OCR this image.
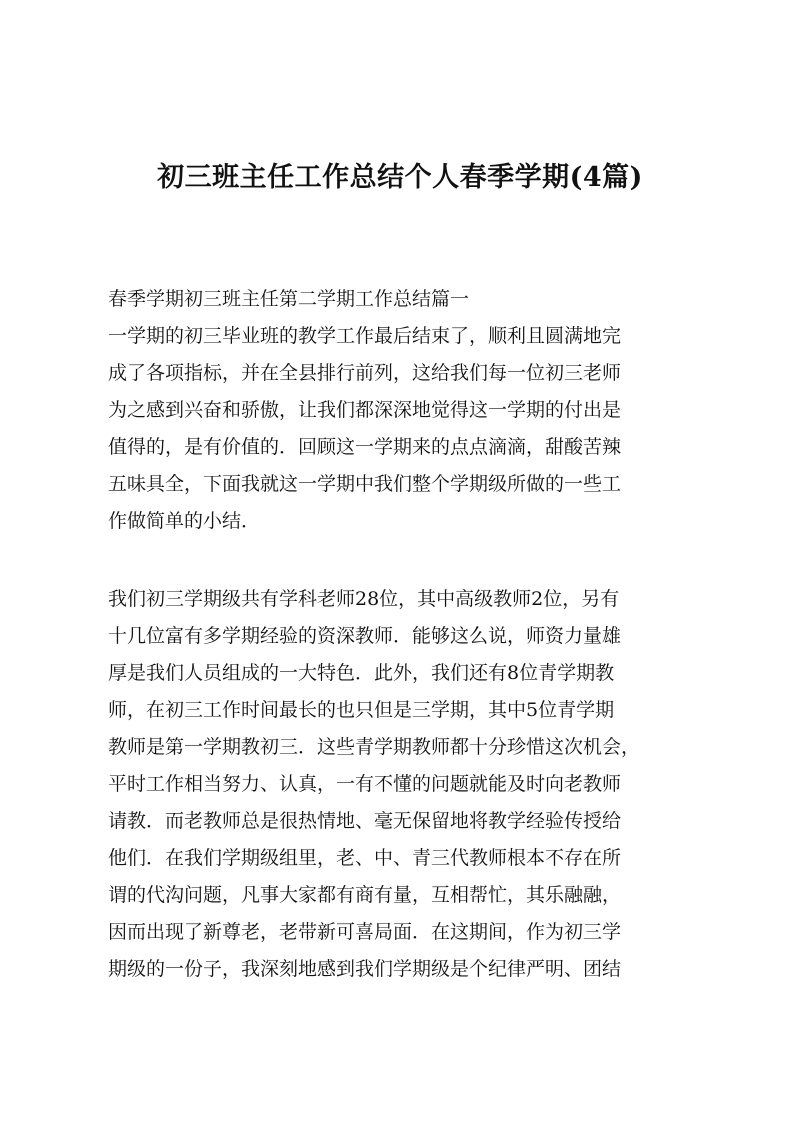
初三班主任工作总结个人春季学期(4篇)
春季学期初三班主任第二学期工作总结篇一
一学期的初三毕业班的教学工作最后结束了，顺利且圆满地完
成了各项指标，并在全县排行前列，这给我们每一位初三老师
为之感到兴奋和骄傲，让我们都深深地觉得这一学期的付出是
值得的，是有价值的．回顾这一学期来的点点滴滴，甜酸苦辣
五味具全，下面我就这一学期中我们整个学期级所做的一些工
作做简单的小结．
我们初三学期级共有学科老师28位，其中高级教师2位，另有
十几位富有多学期经验的资深教师．能够这么说，师资力量雄
厚是我们人员组成的一大特色．此外，我们还有8位青学期教
师，在初三工作时间最长的也只但是三学期，其中5位青学期
教师是第一学期教初三．这些青学期教师都十分珍惜这次机会，
平时工作相当努力、认真，一有不懂的问题就能及时向老教师
请教．而老教师总是很热情地、毫无保留地将教学经验传授给
他们．在我们学期级组里，老、中、青三代教师根本不存在所
谓的代沟问题，凡事大家都有商有量，互相帮忙，其乐融融，
因而出现了新尊老，老带新可喜局面．在这期间，作为初三学
期级的一份子，我深刻地感到我们学期级是个纪律严明、团结
